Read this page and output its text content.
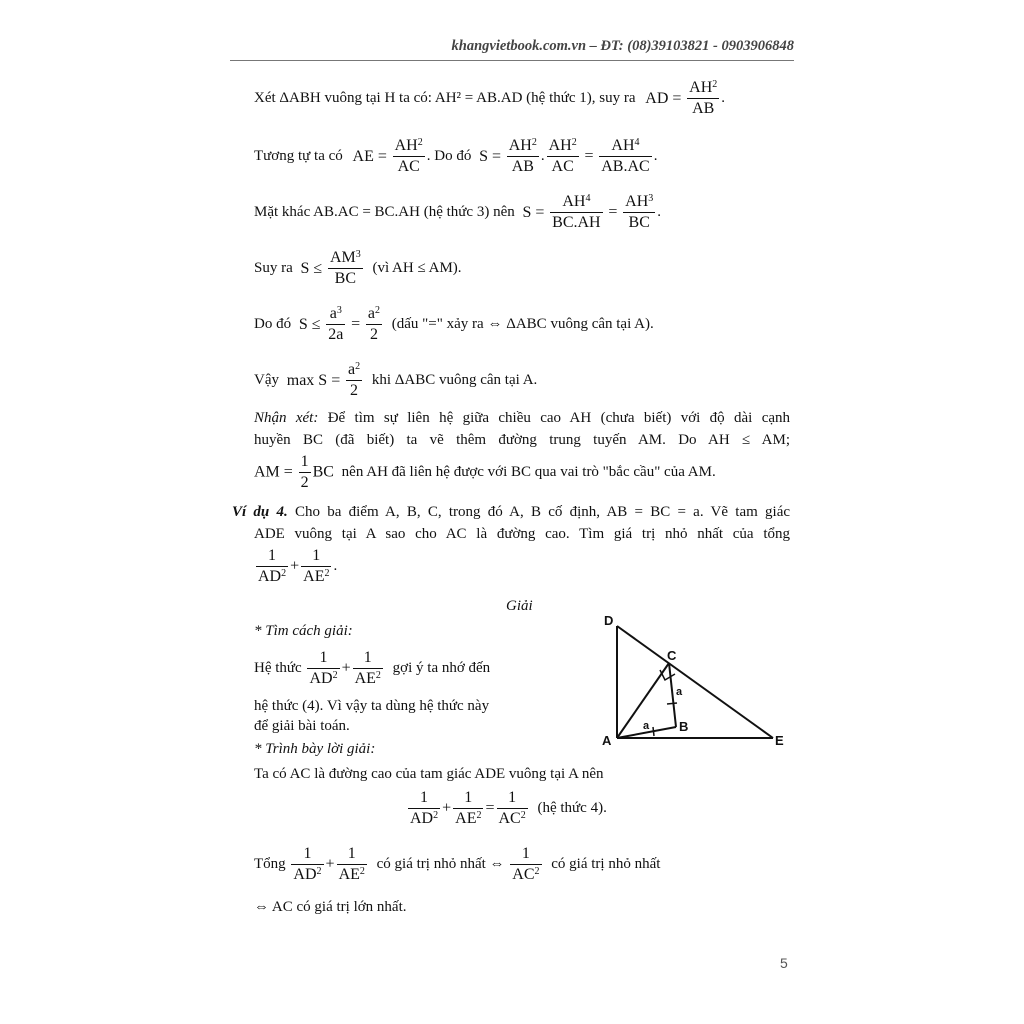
khangvietbook.com.vn – ĐT: (08)39103821 - 0903906848
Xét ΔABH vuông tại H ta có: AH² = AB.AD (hệ thức 1), suy ra AD = $\frac{AH^2}{AB}$ .
Tương tự ta có AE = $\frac{AH^2}{AC}$ . Do đó $S = \frac{AH^2}{AB}$ . $\frac{AH^2}{AC} = \frac{AH^4}{AB.AC}$ .
Mặt khác AB.AC = BC.AH (hệ thức 3) nên $S = \frac{AH^4}{BC.AH} = \frac{AH^3}{BC}$ .
Suy ra $S \le \frac{AM^3}{BC}$ (vì AH ≤ AM).
Do đó $S \le \frac{a^3}{2a} = \frac{a^2}{2}$ (dấu "=" xảy ra ⇔ ΔABC vuông cân tại A).
Vậy $\max S = \frac{a^2}{2}$ khi ΔABC vuông cân tại A.
Nhận xét: Để tìm sự liên hệ giữa chiều cao AH (chưa biết) với độ dài cạnh
huyền BC (đã biết) ta vẽ thêm đường trung tuyến AM. Do AH ≤ AM;
AM = $\frac{1}{2}$ BC nên AH đã liên hệ được với BC qua vai trò "bắc cầu" của AM.
Ví dụ 4. Cho ba điểm A, B, C, trong đó A, B cố định, AB = BC = a. Vẽ tam giác
ADE vuông tại A sao cho AC là đường cao. Tìm giá trị nhỏ nhất của tổng
$\frac{1}{AD^2} + \frac{1}{AE^2}$ .
Giải
* Tìm cách giải:
Hệ thức $\frac{1}{AD^2} + \frac{1}{AE^2}$ gợi ý ta nhớ đến
hệ thức (4). Vì vậy ta dùng hệ thức này
để giải bài toán.
* Trình bày lời giải:
Ta có AC là đường cao của tam giác ADE vuông tại A nên
$\frac{1}{AD^2} + \frac{1}{AE^2} = \frac{1}{AC^2}$ (hệ thức 4).
Tổng $\frac{1}{AD^2} + \frac{1}{AE^2}$ có giá trị nhỏ nhất ⇔ $\frac{1}{AC^2}$ có giá trị nhỏ nhất
⇔ AC có giá trị lớn nhất.
D
C
A
B
E
a
a
5
